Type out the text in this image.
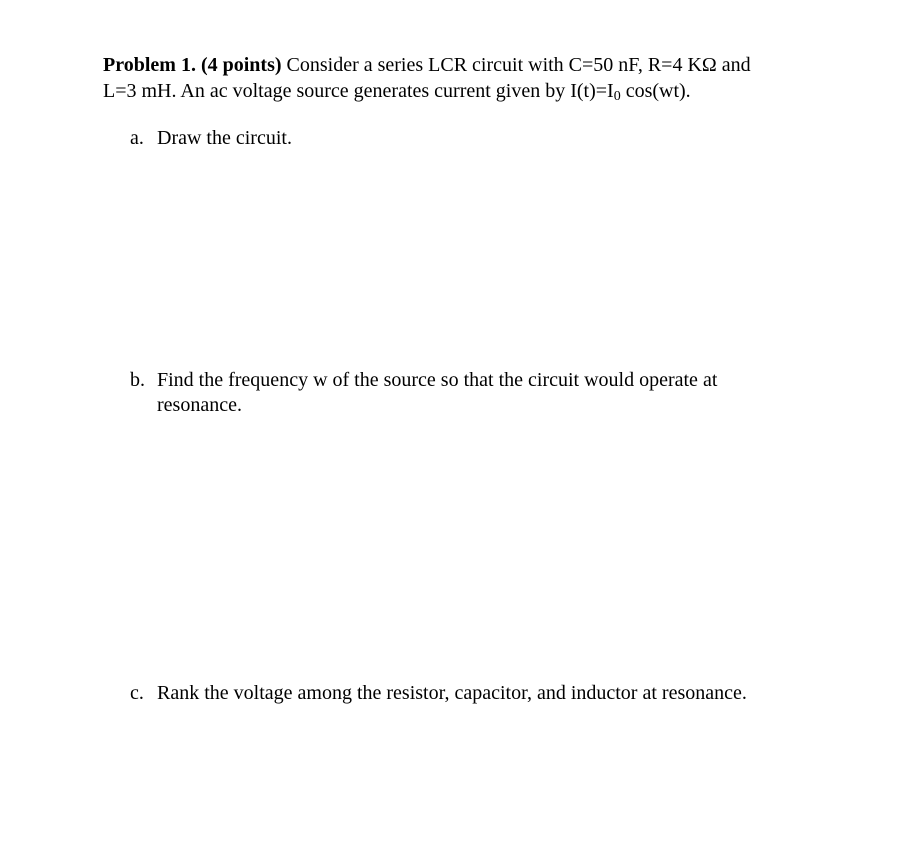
Problem 1. (4 points) Consider a series LCR circuit with C=50 nF, R=4 KΩ and
L=3 mH. An ac voltage source generates current given by $I(t)=I_0$ cos(wt).

a. Draw the circuit.

b. Find the frequency w of the source so that the circuit would operate at
resonance.

c. Rank the voltage among the resistor, capacitor, and inductor at resonance.
